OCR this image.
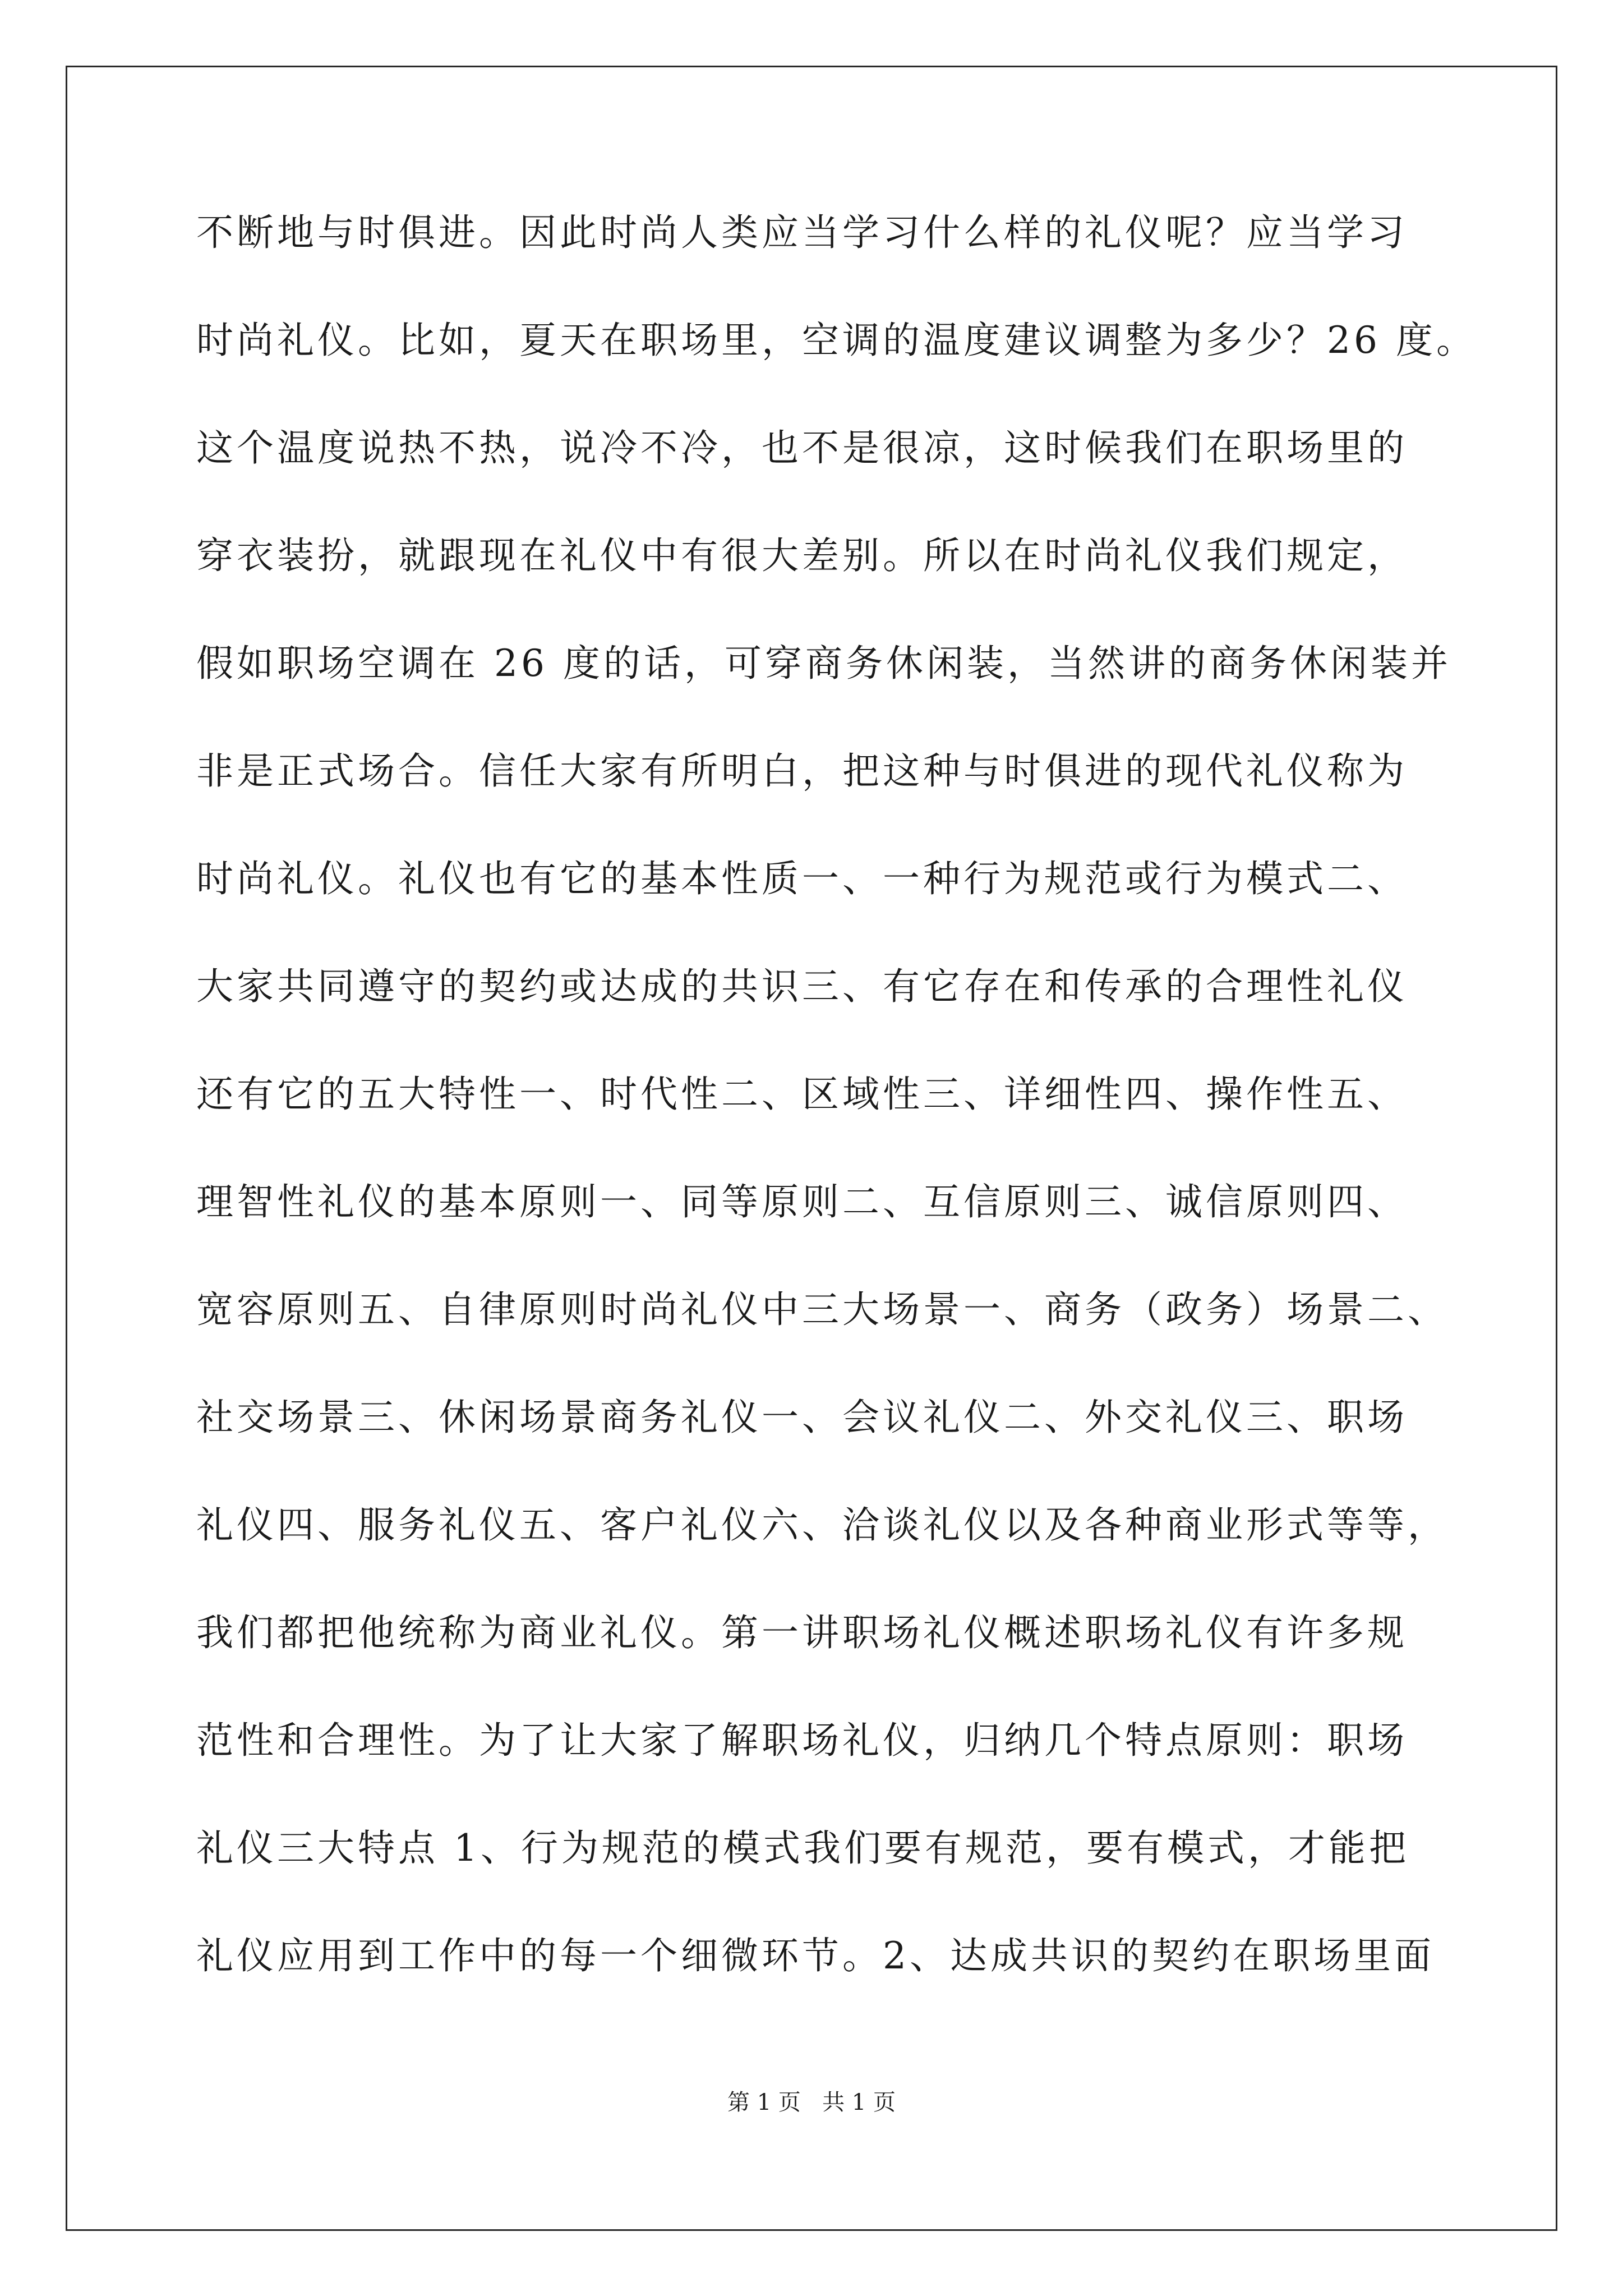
不断地与时俱进。因此时尚人类应当学习什么样的礼仪呢？应当学习
时尚礼仪。比如，夏天在职场里，空调的温度建议调整为多少？26 度。
这个温度说热不热，说冷不冷，也不是很凉，这时候我们在职场里的
穿衣装扮，就跟现在礼仪中有很大差别。所以在时尚礼仪我们规定，
假如职场空调在 26 度的话，可穿商务休闲装，当然讲的商务休闲装并
非是正式场合。信任大家有所明白，把这种与时俱进的现代礼仪称为
时尚礼仪。礼仪也有它的基本性质一、一种行为规范或行为模式二、
大家共同遵守的契约或达成的共识三、有它存在和传承的合理性礼仪
还有它的五大特性一、时代性二、区域性三、详细性四、操作性五、
理智性礼仪的基本原则一、同等原则二、互信原则三、诚信原则四、
宽容原则五、自律原则时尚礼仪中三大场景一、商务（政务）场景二、
社交场景三、休闲场景商务礼仪一、会议礼仪二、外交礼仪三、职场
礼仪四、服务礼仪五、客户礼仪六、洽谈礼仪以及各种商业形式等等，
我们都把他统称为商业礼仪。第一讲职场礼仪概述职场礼仪有许多规
范性和合理性。为了让大家了解职场礼仪，归纳几个特点原则：职场
礼仪三大特点 1、行为规范的模式我们要有规范，要有模式，才能把
礼仪应用到工作中的每一个细微环节。2、达成共识的契约在职场里面
第 1 页   共 1 页
